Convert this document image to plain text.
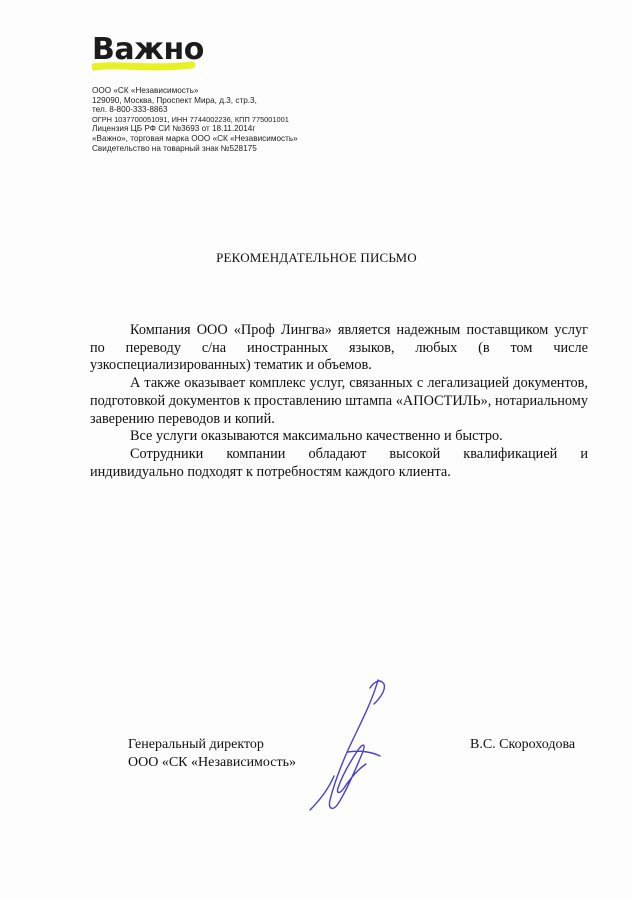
Важно
ООО «СК «Независимость»
129090, Москва, Проспект Мира, д.3, стр.3,
тел. 8-800-333-8863
ОГРН 1037700051091, ИНН 7744002236, КПП 775001001
Лицензия ЦБ РФ СИ №3693 от 18.11.2014г
«Важно», торговая марка ООО «СК «Независимость»
Свидетельство на товарный знак №528175
РЕКОМЕНДАТЕЛЬНОЕ ПИСЬМО

Компания ООО «Проф Лингва» является надежным поставщиком услуг по переводу с/на иностранных языков, любых (в том числе узкоспециализированных) тематик и объемов.

А также оказывает комплекс услуг, связанных с легализацией документов, подготовкой документов к проставлению штампа «АПОСТИЛЬ», нотариальному заверению переводов и копий.

Все услуги оказываются максимально качественно и быстро.

Сотрудники компании обладают высокой квалификацией и индивидуально подходят к потребностям каждого клиента.

Генеральный директор
ООО «СК «Независимость»
В.С. Скороходова
